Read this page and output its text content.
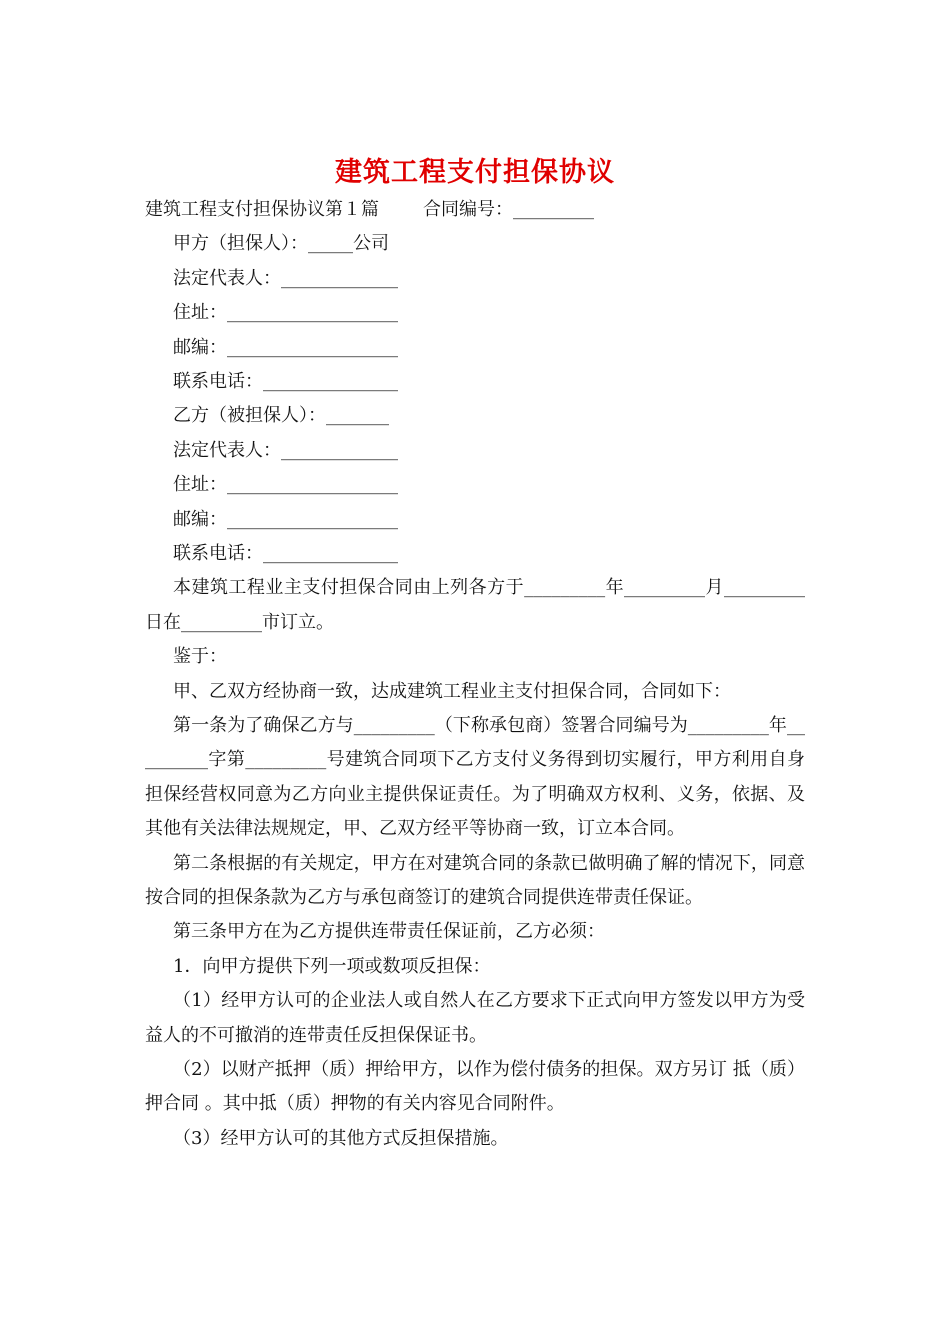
建筑工程支付担保协议
建筑工程支付担保协议第１篇 合同编号：_________
甲方（担保人）：_____公司
法定代表人：_____________
住址：___________________
邮编：___________________
联系电话：_______________
乙方（被担保人）：_______
法定代表人：_____________
住址：___________________
邮编：___________________
联系电话：_______________
本建筑工程业主支付担保合同由上列各方于_________年_________月_________日在_________市订立。
鉴于：
甲、乙双方经协商一致，达成建筑工程业主支付担保合同，合同如下：
第一条为了确保乙方与_________（下称承包商）签署合同编号为_________年_________字第_________号建筑合同项下乙方支付义务得到切实履行，甲方利用自身担保经营权同意为乙方向业主提供保证责任。为了明确双方权利、义务，依据、及其他有关法律法规规定，甲、乙双方经平等协商一致，订立本合同。
第二条根据的有关规定，甲方在对建筑合同的条款已做明确了解的情况下，同意按合同的担保条款为乙方与承包商签订的建筑合同提供连带责任保证。
第三条甲方在为乙方提供连带责任保证前，乙方必须：
1．向甲方提供下列一项或数项反担保：
（1）经甲方认可的企业法人或自然人在乙方要求下正式向甲方签发以甲方为受益人的不可撤消的连带责任反担保保证书。
（2）以财产抵押（质）押给甲方，以作为偿付债务的担保。双方另订 抵（质）押合同 。其中抵（质）押物的有关内容见合同附件。
（3）经甲方认可的其他方式反担保措施。
